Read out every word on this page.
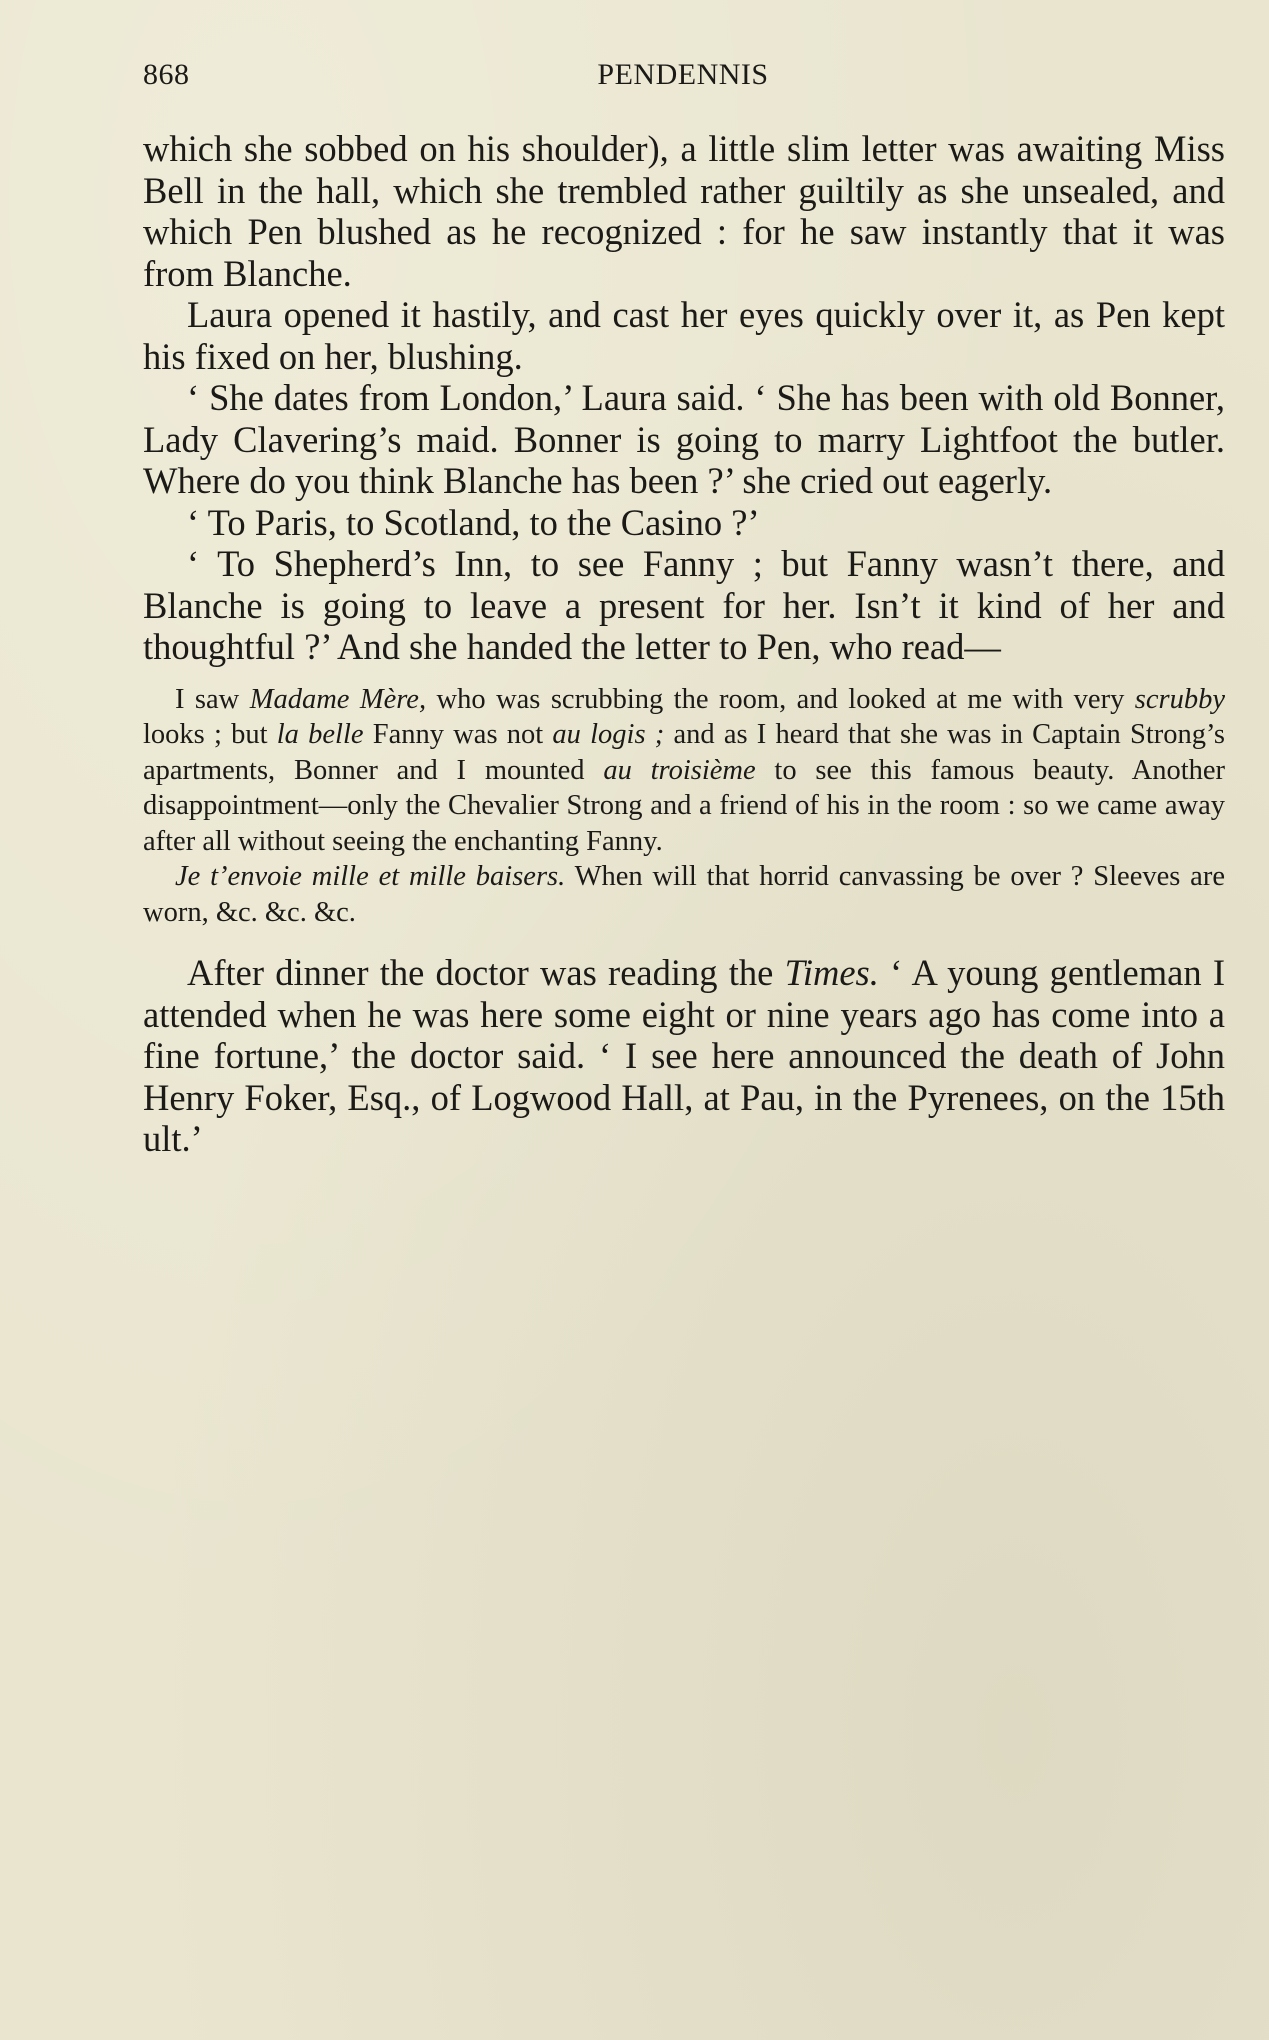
868	PENDENNIS

which she sobbed on his shoulder), a little slim letter was awaiting Miss Bell in the hall, which she trembled rather guiltily as she unsealed, and which Pen blushed as he recognized : for he saw instantly that it was from Blanche.

Laura opened it hastily, and cast her eyes quickly over it, as Pen kept his fixed on her, blushing.

‘ She dates from London,’ Laura said. ‘ She has been with old Bonner, Lady Clavering’s maid. Bonner is going to marry Lightfoot the butler. Where do you think Blanche has been ?’ she cried out eagerly.

‘ To Paris, to Scotland, to the Casino ?’

‘ To Shepherd’s Inn, to see Fanny ; but Fanny wasn’t there, and Blanche is going to leave a present for her. Isn’t it kind of her and thoughtful ?’ And she handed the letter to Pen, who read—

I saw Madame Mère, who was scrubbing the room, and looked at me with very scrubby looks ; but la belle Fanny was not au logis ; and as I heard that she was in Captain Strong’s apartments, Bonner and I mounted au troisième to see this famous beauty. Another disappointment—only the Chevalier Strong and a friend of his in the room : so we came away after all without seeing the enchanting Fanny.

Je t’envoie mille et mille baisers. When will that horrid canvassing be over ? Sleeves are worn, &c. &c. &c.

After dinner the doctor was reading the Times. ‘ A young gentleman I attended when he was here some eight or nine years ago has come into a fine fortune,’ the doctor said. ‘ I see here announced the death of John Henry Foker, Esq., of Logwood Hall, at Pau, in the Pyrenees, on the 15th ult.’
